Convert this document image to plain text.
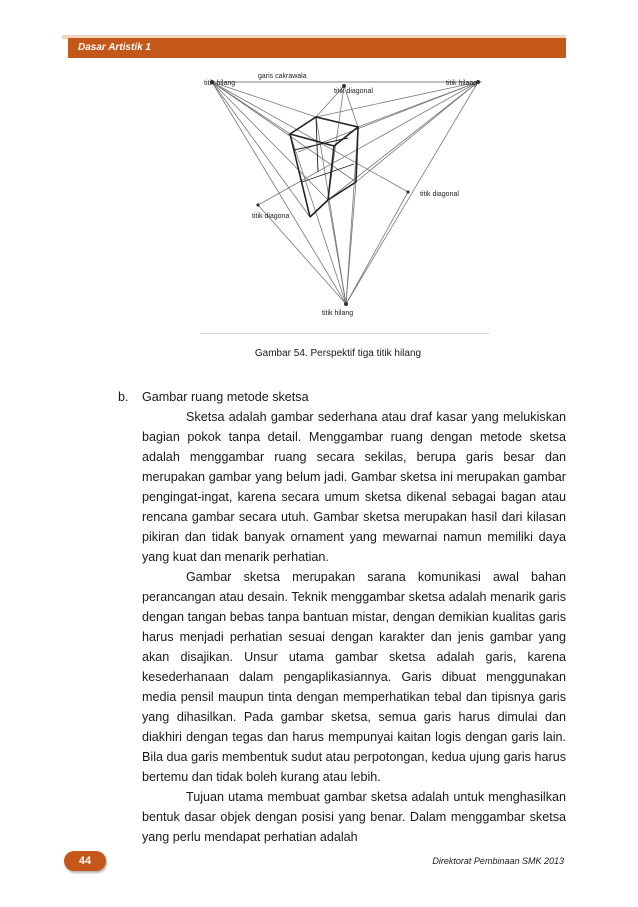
Dasar Artistik 1
titik hilang
garis cakrawala
titik diagonal
titik hilang
titik diagona
titik diagonal
titik hilang
Gambar 54. Perspektif tiga titik hilang
b.	Gambar ruang metode sketsa

Sketsa adalah gambar sederhana atau draf kasar yang melukiskan bagian pokok tanpa detail. Menggambar ruang dengan metode sketsa adalah menggambar ruang secara sekilas, berupa garis besar dan merupakan gambar yang belum jadi. Gambar sketsa ini merupakan gambar pengingat-ingat, karena secara umum sketsa dikenal sebagai bagan atau rencana gambar secara utuh. Gambar sketsa merupakan hasil dari kilasan pikiran dan tidak banyak ornament yang mewarnai namun memiliki daya yang kuat dan menarik perhatian.

Gambar sketsa merupakan sarana komunikasi awal bahan perancangan atau desain. Teknik menggambar sketsa adalah menarik garis dengan tangan bebas tanpa bantuan mistar, dengan demikian kualitas garis harus menjadi perhatian sesuai dengan karakter dan jenis gambar yang akan disajikan. Unsur utama gambar sketsa adalah garis, karena kesederhanaan dalam pengaplikasiannya. Garis dibuat menggunakan media pensil maupun tinta dengan memperhatikan tebal dan tipisnya garis yang dihasilkan. Pada gambar sketsa, semua garis harus dimulai dan diakhiri dengan tegas dan harus mempunyai kaitan logis dengan garis lain. Bila dua garis membentuk sudut atau perpotongan, kedua ujung garis harus bertemu dan tidak boleh kurang atau lebih.

Tujuan utama membuat gambar sketsa adalah untuk menghasilkan bentuk dasar objek dengan posisi yang benar. Dalam menggambar sketsa yang perlu mendapat perhatian adalah

44	Direktorat Pembinaan SMK 2013
